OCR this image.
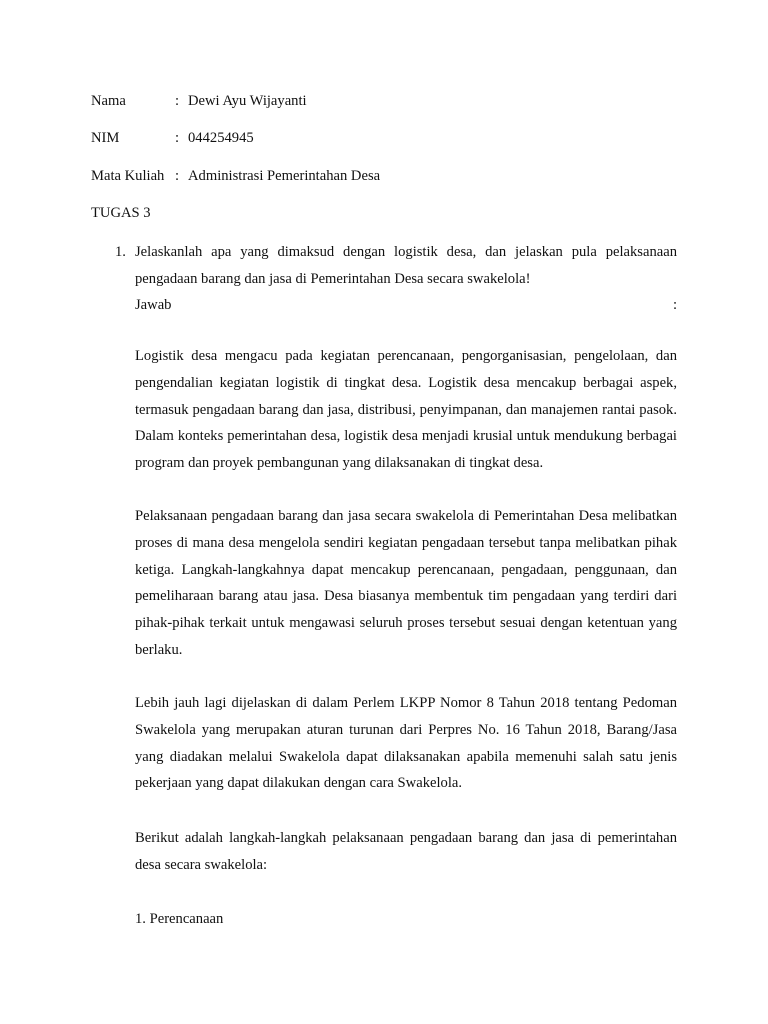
Nama	: Dewi Ayu Wijayanti
NIM	: 044254945
Mata Kuliah : Administrasi Pemerintahan Desa
TUGAS 3
1. Jelaskanlah apa yang dimaksud dengan logistik desa, dan jelaskan pula pelaksanaan pengadaan barang dan jasa di Pemerintahan Desa secara swakelola!
Jawab	:

Logistik desa mengacu pada kegiatan perencanaan, pengorganisasian, pengelolaan, dan pengendalian kegiatan logistik di tingkat desa. Logistik desa mencakup berbagai aspek, termasuk pengadaan barang dan jasa, distribusi, penyimpanan, dan manajemen rantai pasok. Dalam konteks pemerintahan desa, logistik desa menjadi krusial untuk mendukung berbagai program dan proyek pembangunan yang dilaksanakan di tingkat desa.

Pelaksanaan pengadaan barang dan jasa secara swakelola di Pemerintahan Desa melibatkan proses di mana desa mengelola sendiri kegiatan pengadaan tersebut tanpa melibatkan pihak ketiga. Langkah-langkahnya dapat mencakup perencanaan, pengadaan, penggunaan, dan pemeliharaan barang atau jasa. Desa biasanya membentuk tim pengadaan yang terdiri dari pihak-pihak terkait untuk mengawasi seluruh proses tersebut sesuai dengan ketentuan yang berlaku.

Lebih jauh lagi dijelaskan di dalam Perlem LKPP Nomor 8 Tahun 2018 tentang Pedoman Swakelola yang merupakan aturan turunan dari Perpres No. 16 Tahun 2018, Barang/Jasa yang diadakan melalui Swakelola dapat dilaksanakan apabila memenuhi salah satu jenis pekerjaan yang dapat dilakukan dengan cara Swakelola.

Berikut adalah langkah-langkah pelaksanaan pengadaan barang dan jasa di pemerintahan desa secara swakelola:

1. Perencanaan
